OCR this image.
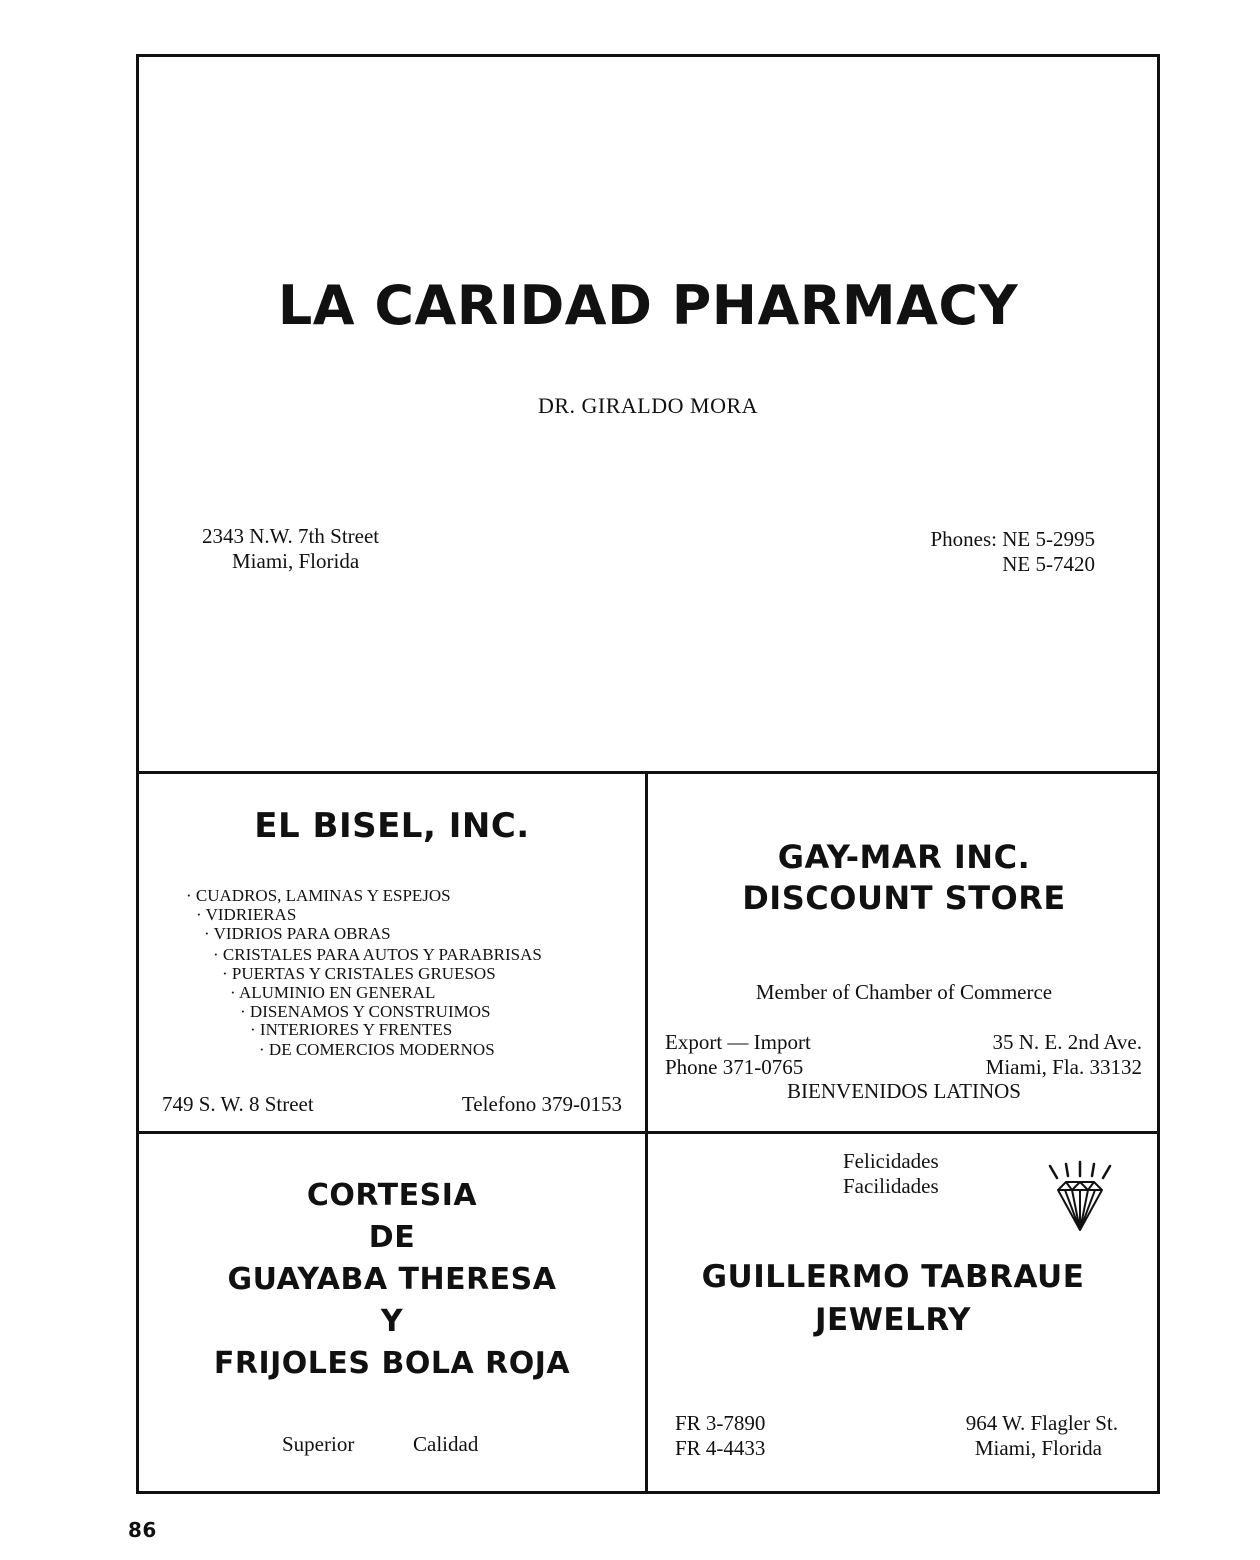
LA CARIDAD PHARMACY
DR. GIRALDO MORA
2343 N.W. 7th Street
Miami, Florida
Phones: NE 5-2995
NE 5-7420
EL BISEL, INC.
· CUADROS, LAMINAS Y ESPEJOS
· VIDRIERAS
· VIDRIOS PARA OBRAS
· CRISTALES PARA AUTOS Y PARABRISAS
· PUERTAS Y CRISTALES GRUESOS
· ALUMINIO EN GENERAL
· DISENAMOS Y CONSTRUIMOS
· INTERIORES Y FRENTES
· DE COMERCIOS MODERNOS
749 S. W. 8 Street	Telefono 379-0153
GAY-MAR INC.
DISCOUNT STORE
Member of Chamber of Commerce
Export — Import
Phone 371-0765
35 N. E. 2nd Ave.
Miami, Fla. 33132
BIENVENIDOS LATINOS
CORTESIA
DE
GUAYABA THERESA
Y
FRIJOLES BOLA ROJA
Superior	Calidad
Felicidades
Facilidades
GUILLERMO TABRAUE
JEWELRY
FR 3-7890
FR 4-4433
964 W. Flagler St.
Miami, Florida
86
